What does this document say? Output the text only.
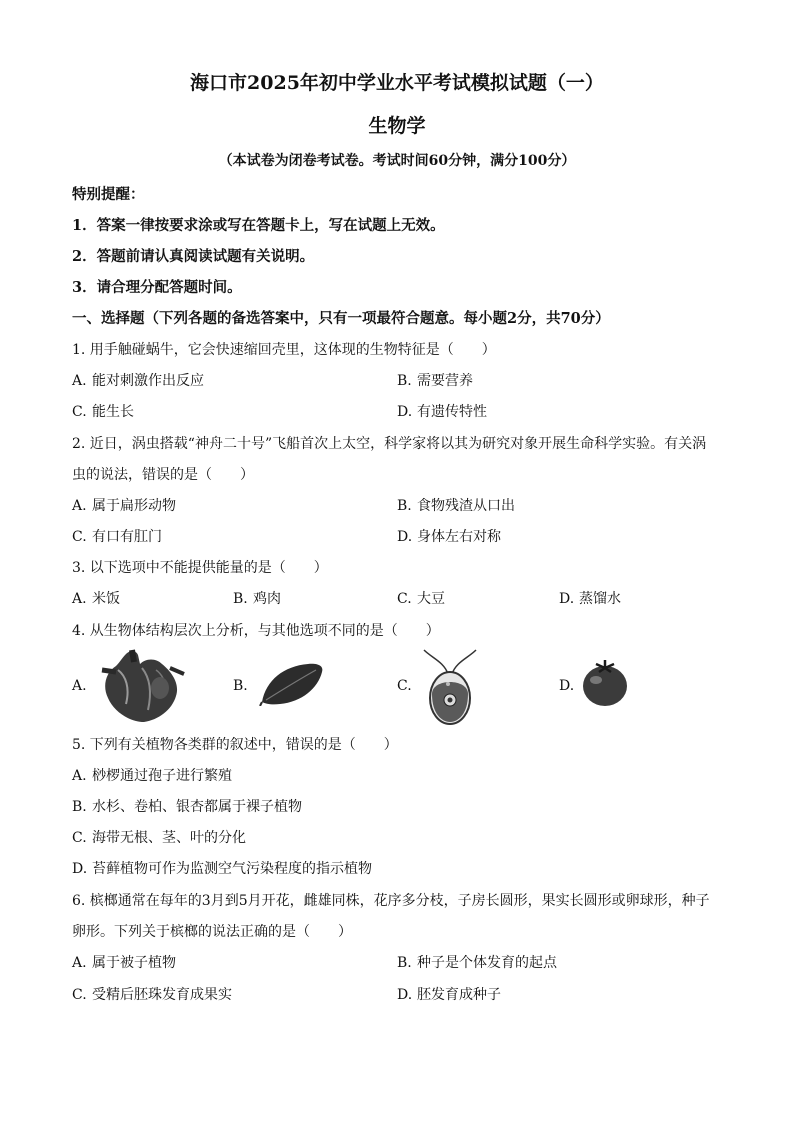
海口市2025年初中学业水平考试模拟试题（一）
生物学
（本试卷为闭卷考试卷。考试时间60分钟，满分100分）
特别提醒：
1．答案一律按要求涂或写在答题卡上，写在试题上无效。
2．答题前请认真阅读试题有关说明。
3．请合理分配答题时间。
一、选择题（下列各题的备选答案中，只有一项最符合题意。每小题2分，共70分）
1. 用手触碰蜗牛，它会快速缩回壳里，这体现的生物特征是（　　）
A. 能对刺激作出反应	B. 需要营养
C. 能生长	D. 有遗传特性
2. 近日，涡虫搭载“神舟二十号”飞船首次上太空，科学家将以其为研究对象开展生命科学实验。有关涡
虫的说法，错误的是（　　）
A. 属于扁形动物	B. 食物残渣从口出
C. 有口有肛门	D. 身体左右对称
3. 以下选项中不能提供能量的是（　　）
A. 米饭	B. 鸡肉	C. 大豆	D. 蒸馏水
4. 从生物体结构层次上分析，与其他选项不同的是（　　）
A.	B.	C.	D.
5. 下列有关植物各类群的叙述中，错误的是（　　）
A. 桫椤通过孢子进行繁殖
B. 水杉、卷柏、银杏都属于裸子植物
C. 海带无根、茎、叶的分化
D. 苔藓植物可作为监测空气污染程度的指示植物
6. 槟榔通常在每年的3月到5月开花，雌雄同株，花序多分枝，子房长圆形，果实长圆形或卵球形，种子
卵形。下列关于槟榔的说法正确的是（　　）
A. 属于被子植物	B. 种子是个体发育的起点
C. 受精后胚珠发育成果实	D. 胚发育成种子
